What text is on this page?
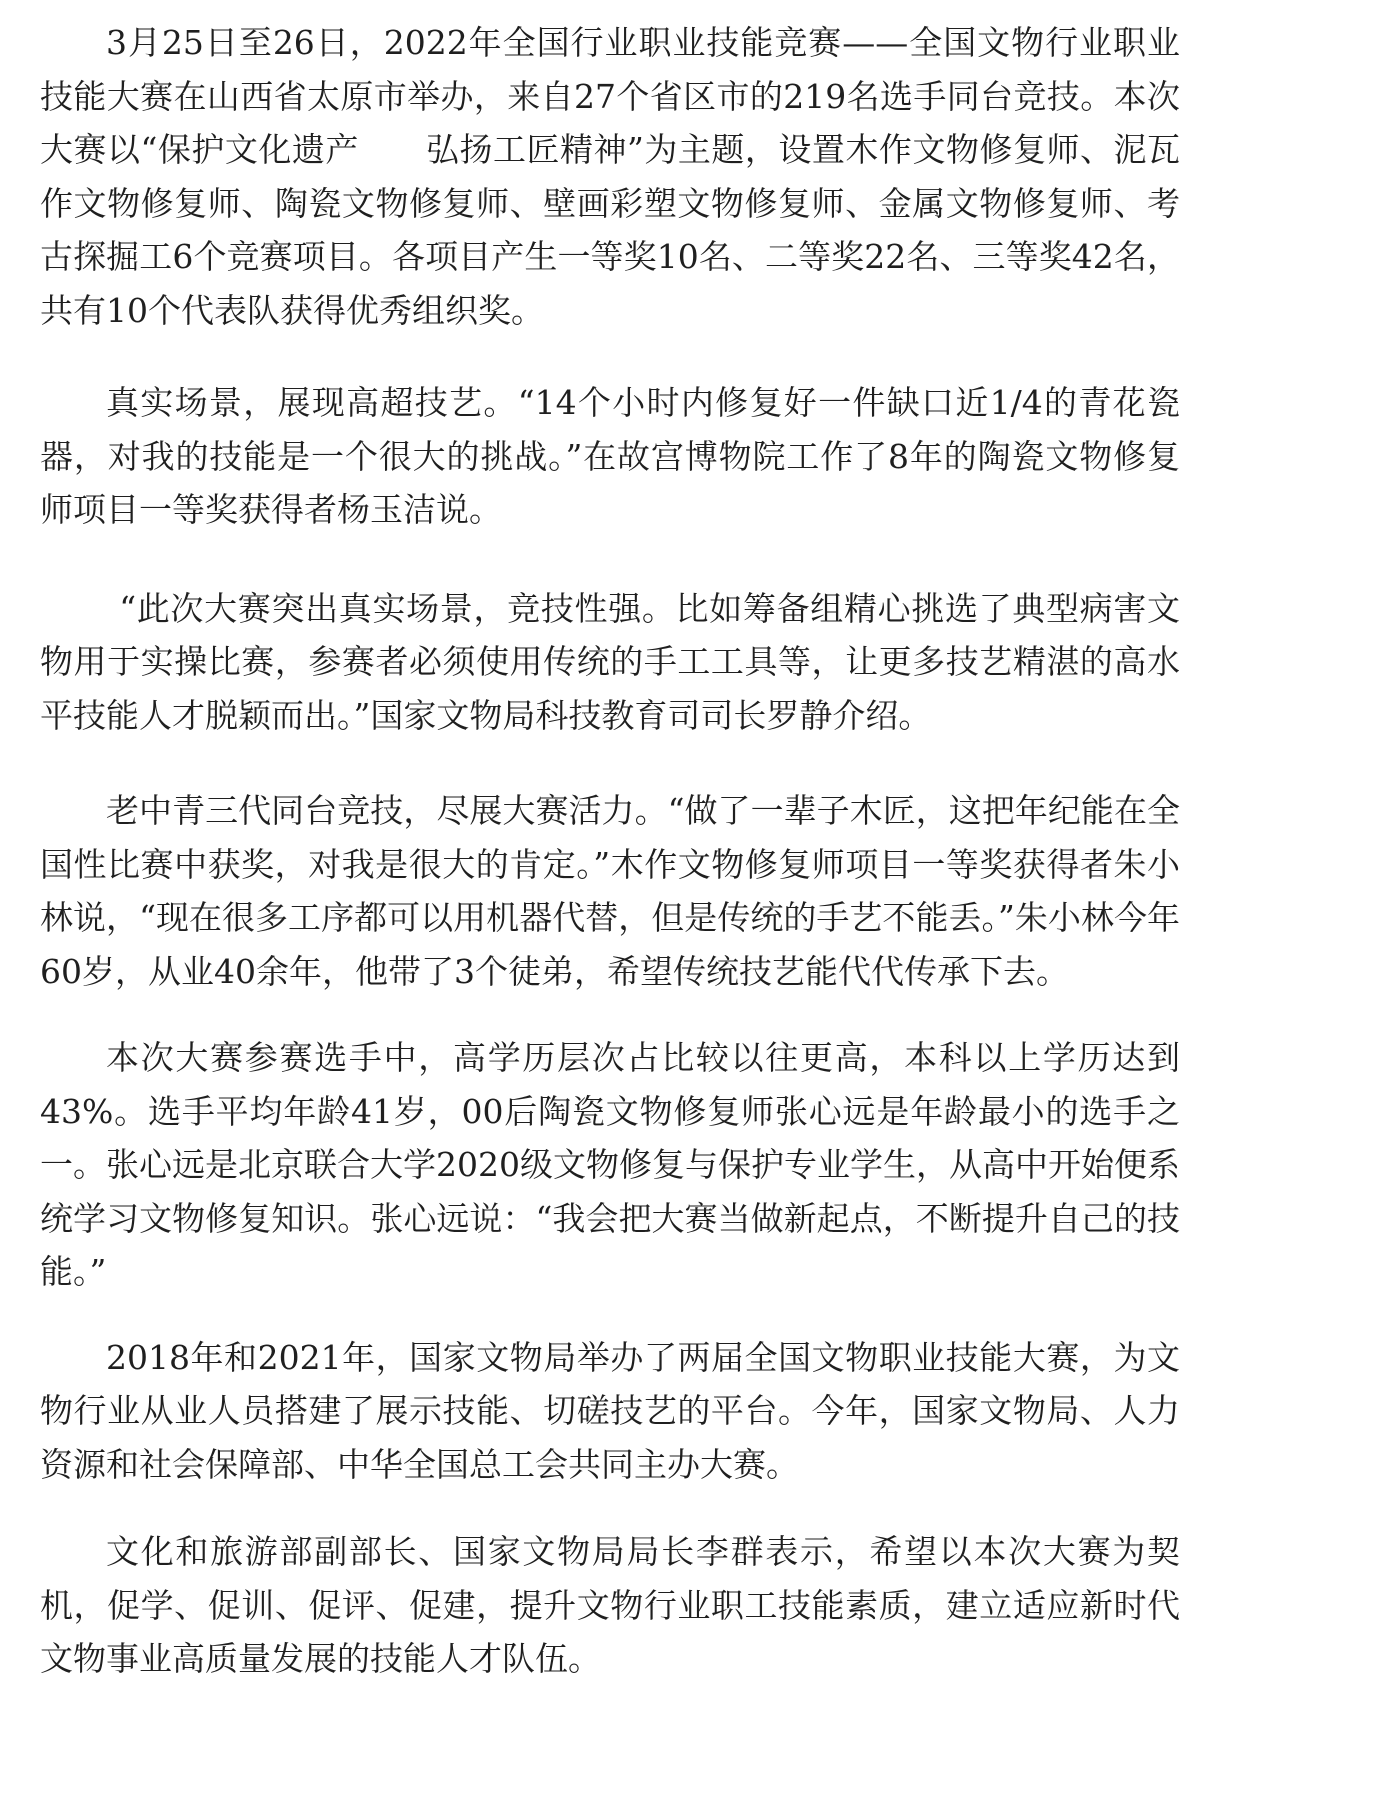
3月25日至26日，2022年全国行业职业技能竞赛——全国文物行业职业技能大赛在山西省太原市举办，来自27个省区市的219名选手同台竞技。本次大赛以“保护文化遗产　　弘扬工匠精神”为主题，设置木作文物修复师、泥瓦作文物修复师、陶瓷文物修复师、壁画彩塑文物修复师、金属文物修复师、考古探掘工6个竞赛项目。各项目产生一等奖10名、二等奖22名、三等奖42名，共有10个代表队获得优秀组织奖。

真实场景，展现高超技艺。“14个小时内修复好一件缺口近1/4的青花瓷器，对我的技能是一个很大的挑战。”在故宫博物院工作了8年的陶瓷文物修复师项目一等奖获得者杨玉洁说。

“此次大赛突出真实场景，竞技性强。比如筹备组精心挑选了典型病害文物用于实操比赛，参赛者必须使用传统的手工工具等，让更多技艺精湛的高水平技能人才脱颖而出。”国家文物局科技教育司司长罗静介绍。

老中青三代同台竞技，尽展大赛活力。“做了一辈子木匠，这把年纪能在全国性比赛中获奖，对我是很大的肯定。”木作文物修复师项目一等奖获得者朱小林说，“现在很多工序都可以用机器代替，但是传统的手艺不能丢。”朱小林今年60岁，从业40余年，他带了3个徒弟，希望传统技艺能代代传承下去。

本次大赛参赛选手中，高学历层次占比较以往更高，本科以上学历达到43%。选手平均年龄41岁，00后陶瓷文物修复师张心远是年龄最小的选手之一。张心远是北京联合大学2020级文物修复与保护专业学生，从高中开始便系统学习文物修复知识。张心远说：“我会把大赛当做新起点，不断提升自己的技能。”

2018年和2021年，国家文物局举办了两届全国文物职业技能大赛，为文物行业从业人员搭建了展示技能、切磋技艺的平台。今年，国家文物局、人力资源和社会保障部、中华全国总工会共同主办大赛。

文化和旅游部副部长、国家文物局局长李群表示，希望以本次大赛为契机，促学、促训、促评、促建，提升文物行业职工技能素质，建立适应新时代文物事业高质量发展的技能人才队伍。
